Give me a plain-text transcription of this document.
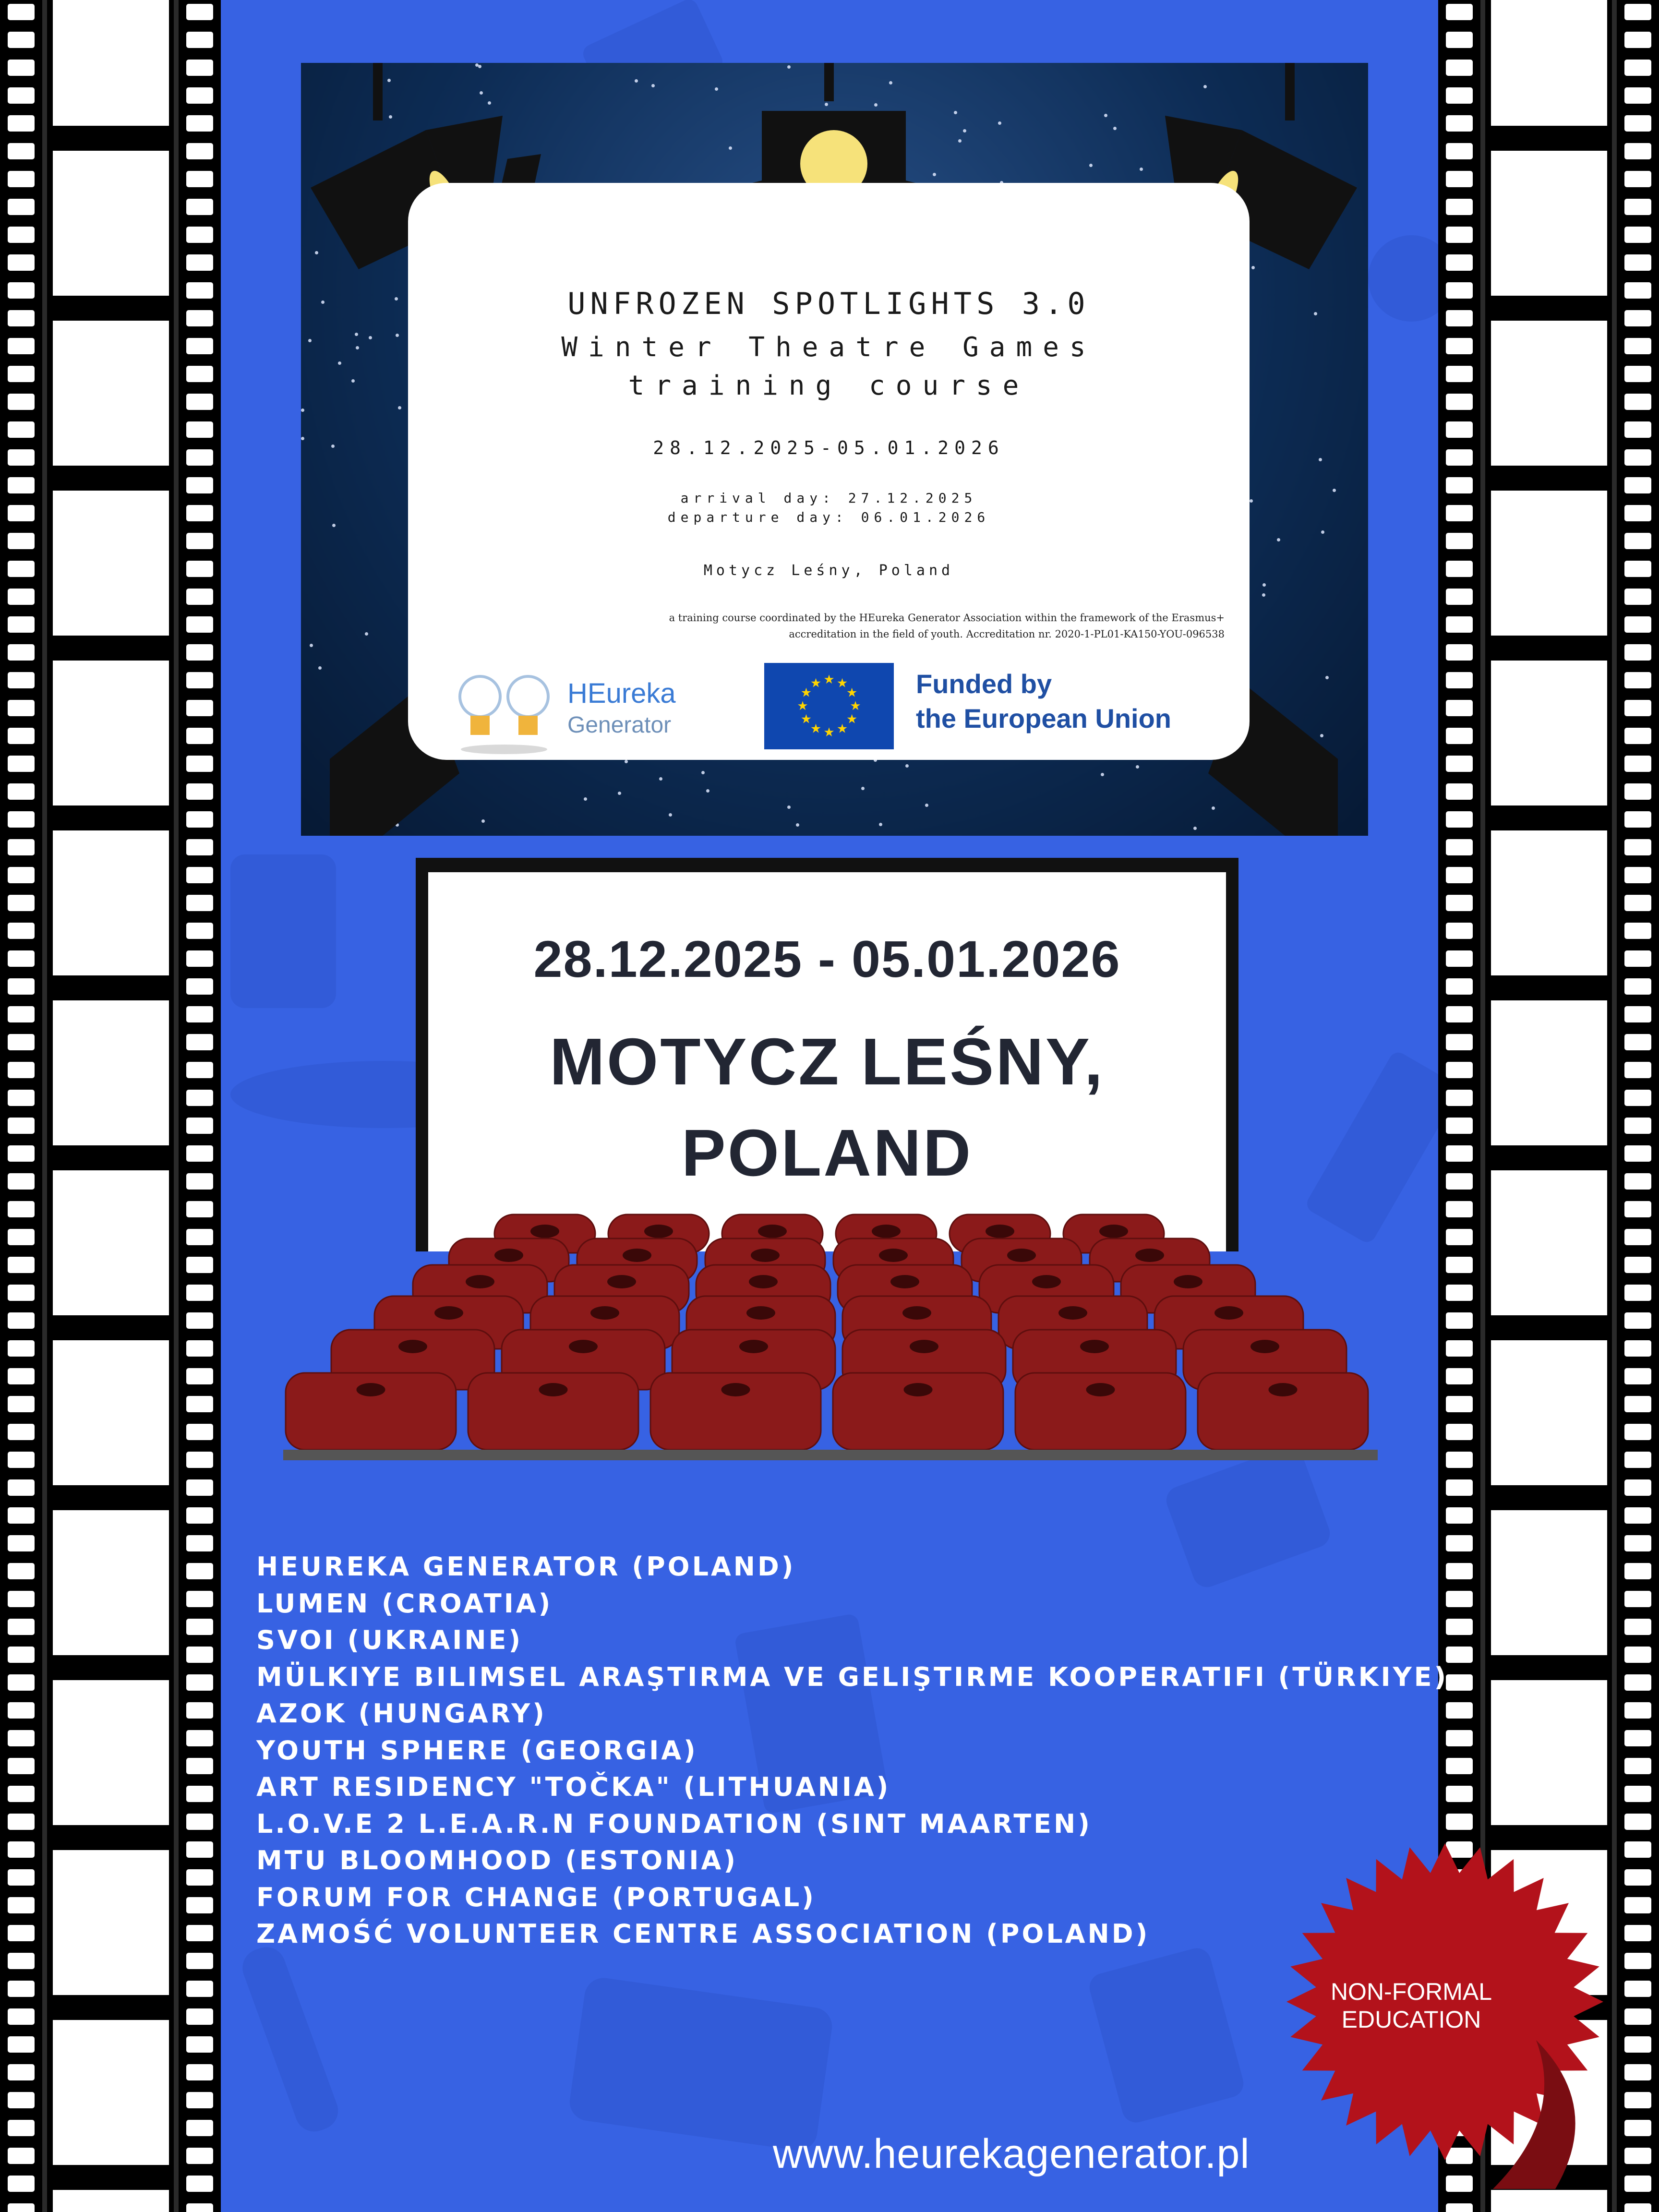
UNFROZEN SPOTLIGHTS 3.0
Winter Theatre Games
training course
28.12.2025-05.01.2026
arrival day: 27.12.2025
departure day: 06.01.2026
Motycz Leśny, Poland
a training course coordinated by the HEureka Generator Association within the framework of the Erasmus+
accreditation in the field of youth. Accreditation nr. 2020-1-PL01-KA150-YOU-096538
HEureka
Generator
★
★
★
★
★
★
★
★
★ ★ ★
★ Funded by
the European Union
28.12.2025 - 05.01.2026
MOTYCZ LEŚNY,
POLAND
HEUREKA GENERATOR (POLAND)
LUMEN (CROATIA)
SVOI (UKRAINE)
MÜLKIYE BILIMSEL ARAŞTIRMA VE GELIŞTIRME KOOPERATIFI (TÜRKIYE)
AZOK (HUNGARY)
YOUTH SPHERE (GEORGIA)
ART RESIDENCY "TOČKA" (LITHUANIA)
L.O.V.E 2 L.E.A.R.N FOUNDATION (SINT MAARTEN)
MTU BLOOMHOOD (ESTONIA)
FORUM FOR CHANGE (PORTUGAL)
ZAMOŚĆ VOLUNTEER CENTRE ASSOCIATION (POLAND)
NON-FORMAL
EDUCATION
www.heurekagenerator.pl
